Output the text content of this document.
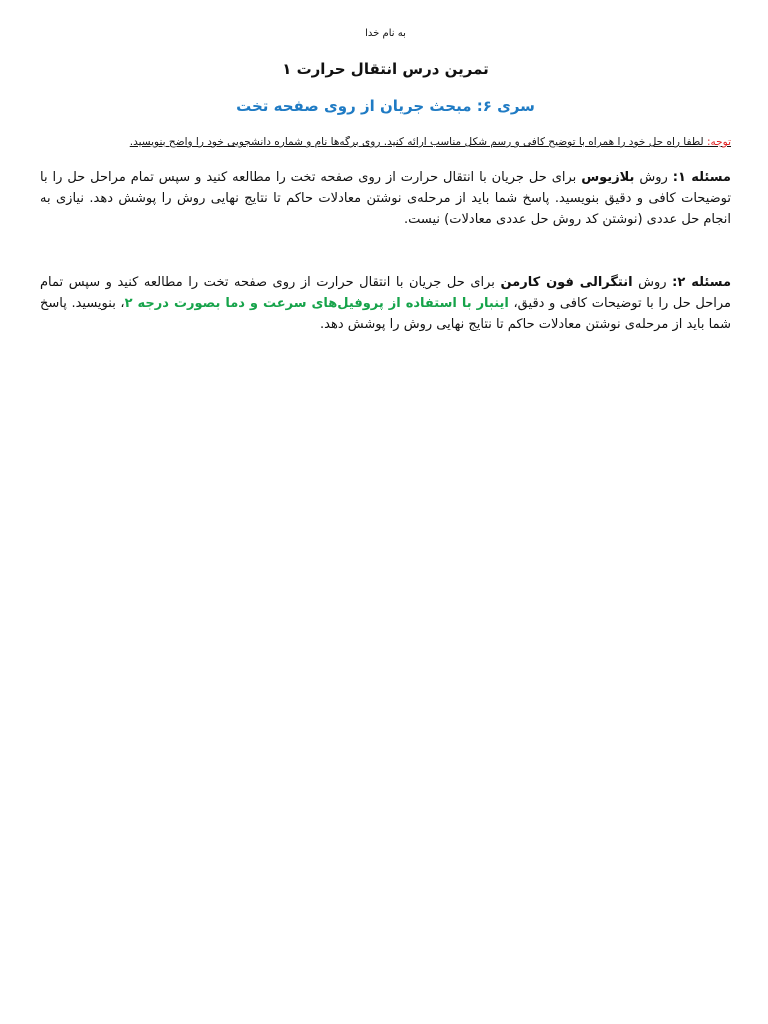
به نام خدا
تمرین درس انتقال حرارت ۱
سری ۶: مبحث جریان از روی صفحه تخت
توجه: لطفا راه حل خود را همراه با توضیح کافی و رسم شکل مناسب ارائه کنید. روی برگه‌ها نام و شماره دانشجویی خود را واضح بنویسید.

مسئله ۱: روش بلازیوس برای حل جریان با انتقال حرارت از روی صفحه تخت را مطالعه کنید و سپس تمام مراحل حل را با توضیحات کافی و دقیق بنویسید. پاسخ شما باید از مرحله‌ی نوشتن معادلات حاکم تا نتایج نهایی روش را پوشش دهد. نیازی به انجام حل عددی (نوشتن کد روش حل عددی معادلات) نیست.

مسئله ۲: روش انتگرالی فون کارمن برای حل جریان با انتقال حرارت از روی صفحه تخت را مطالعه کنید و سپس تمام مراحل حل را با توضیحات کافی و دقیق، اینبار با استفاده از پروفیل‌های سرعت و دما بصورت درجه ۲، بنویسید. پاسخ شما باید از مرحله‌ی نوشتن معادلات حاکم تا نتایج نهایی روش را پوشش دهد.
